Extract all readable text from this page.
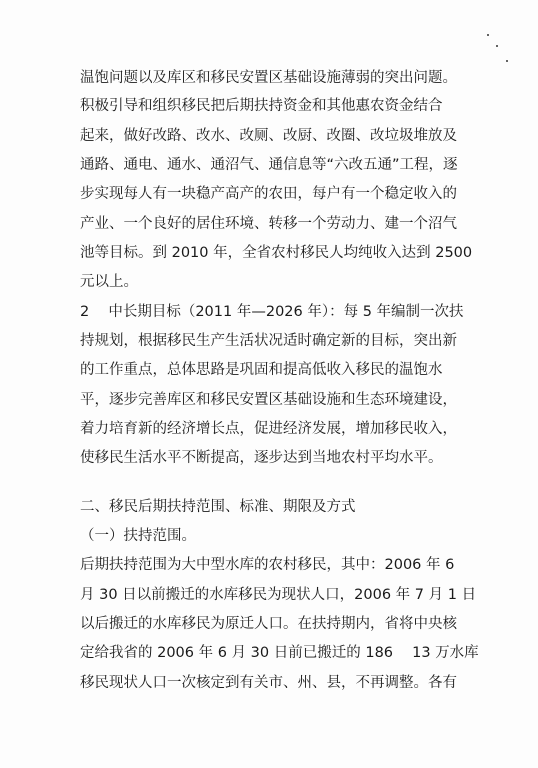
温饱问题以及库区和移民安置区基础设施薄弱的突出问题。
积极引导和组织移民把后期扶持资金和其他惠农资金结合
起来，做好改路、改水、改厕、改厨、改圈、改垃圾堆放及
通路、通电、通水、通沼气、通信息等“六改五通”工程，逐
步实现每人有一块稳产高产的农田，每户有一个稳定收入的
产业、一个良好的居住环境、转移一个劳动力、建一个沼气
池等目标。到 2010 年，全省农村移民人均纯收入达到 2500
元以上。
2　 中长期目标（2011 年—2026 年）：每 5 年编制一次扶
持规划，根据移民生产生活状况适时确定新的目标，突出新
的工作重点，总体思路是巩固和提高低收入移民的温饱水
平，逐步完善库区和移民安置区基础设施和生态环境建设，
着力培育新的经济增长点，促进经济发展，增加移民收入，
使移民生活水平不断提高，逐步达到当地农村平均水平。
二、移民后期扶持范围、标准、期限及方式
（一）扶持范围。
后期扶持范围为大中型水库的农村移民，其中：2006 年 6
月 30 日以前搬迁的水库移民为现状人口，2006 年 7 月 1 日
以后搬迁的水库移民为原迁人口。在扶持期内，省将中央核
定给我省的 2006 年 6 月 30 日前已搬迁的 186　 13 万水库
移民现状人口一次核定到有关市、州、县，不再调整。各有
